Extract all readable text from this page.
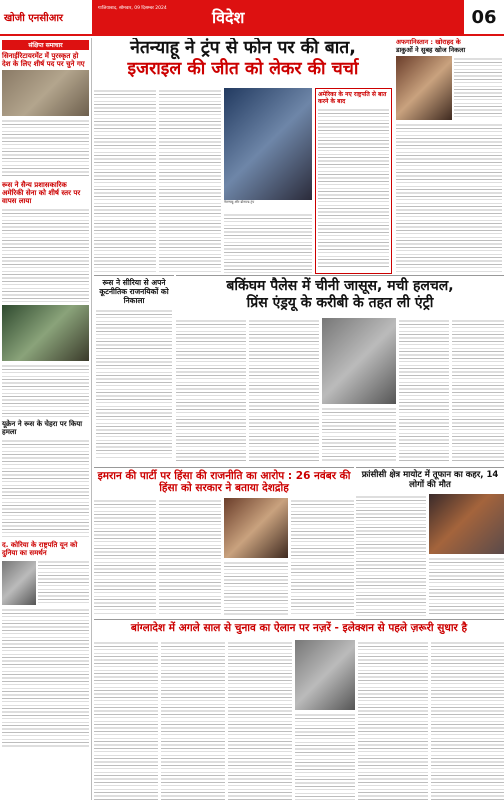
खोजी एनसीआर
गाजियाबाद, सोमवार, 09 दिसम्बर 2024	विदेश	06
संक्षिप्त समाचार
सिनाईरिटायरमेंट में पुरस्कृत हो देश के लिए शीर्ष पद पर चुने गए
रूस ने सैन्य प्रशासकारिक अमेरिकी सेना को शीर्ष स्तर पर वापस लाया
यूक्रेन ने रूस के चेहरा पर किया हमला
द. कोरिया के राष्ट्रपति यून को दुनिया का समर्थन
नेतन्याहू ने ट्रंप से फोन पर की बात,
इजराइल की जीत को लेकर की चर्चा
नेतन्याहू और डोनाल्ड ट्रंप
अमेरिका के नए राष्ट्रपति से बात करने के बाद
अफगानिस्तान : खोराहद के
डाकुओं ने सुबह खोज निकला
रूस ने सीरिया से अपने कूटनीतिक राजनयिकों को निकाला
बकिंघम पैलेस में चीनी जासूस, मची हलचल,
प्रिंस एंड्रयू के करीबी के तहत ली एंट्री
इमरान की पार्टी पर हिंसा की राजनीति का आरोप : 26 नवंबर की हिंसा को सरकार ने बताया देशद्रोह
फ्रांसीसी क्षेत्र मायोट में तूफान का कहर, 14 लोगों की मौत
बांग्लादेश में अगले साल से चुनाव का ऐलान पर नज़रें - इलेक्शन से पहले ज़रूरी सुधार है
